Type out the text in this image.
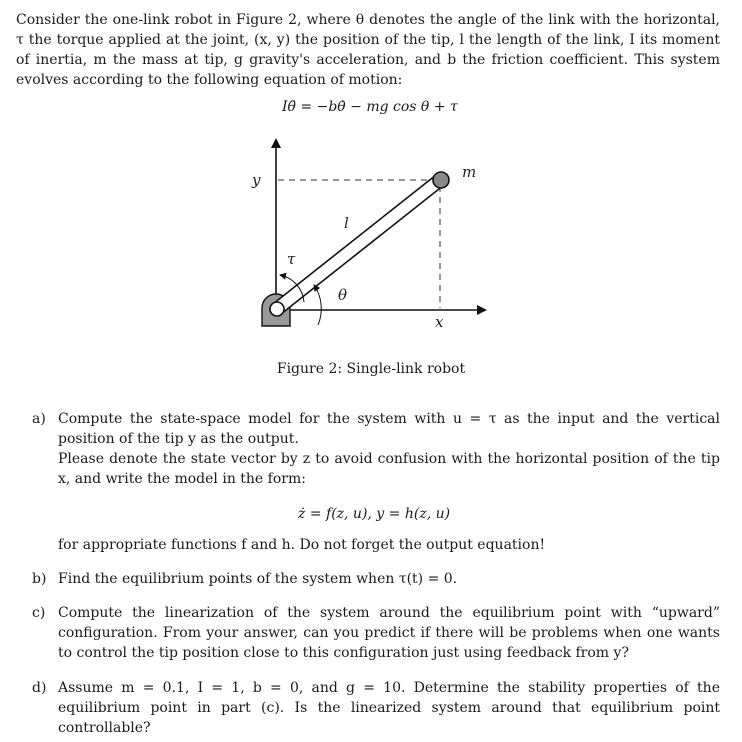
Consider the one-link robot in Figure 2, where θ denotes the angle of the link with the horizontal, τ the torque applied at the joint, (x, y) the position of the tip, l the length of the link, I its moment of inertia, m the mass at tip, g gravity's acceleration, and b the friction coefficient. This system evolves according to the following equation of motion:

Iθ̈ = −bθ̇ − mg cos θ + τ
y
x
m
l
τ
θ

Figure 2: Single-link robot

a) Compute the state-space model for the system with u = τ as the input and the vertical position of the tip y as the output.

Please denote the state vector by z to avoid confusion with the horizontal position of the tip x, and write the model in the form:

ż = f(z, u), y = h(z, u)

for appropriate functions f and h. Do not forget the output equation!

b) Find the equilibrium points of the system when τ(t) = 0.

c) Compute the linearization of the system around the equilibrium point with “upward” configuration. From your answer, can you predict if there will be problems when one wants to control the tip position close to this configuration just using feedback from y?

d) Assume m = 0.1, I = 1, b = 0, and g = 10. Determine the stability properties of the equilibrium point in part (c). Is the linearized system around that equilibrium point controllable?
